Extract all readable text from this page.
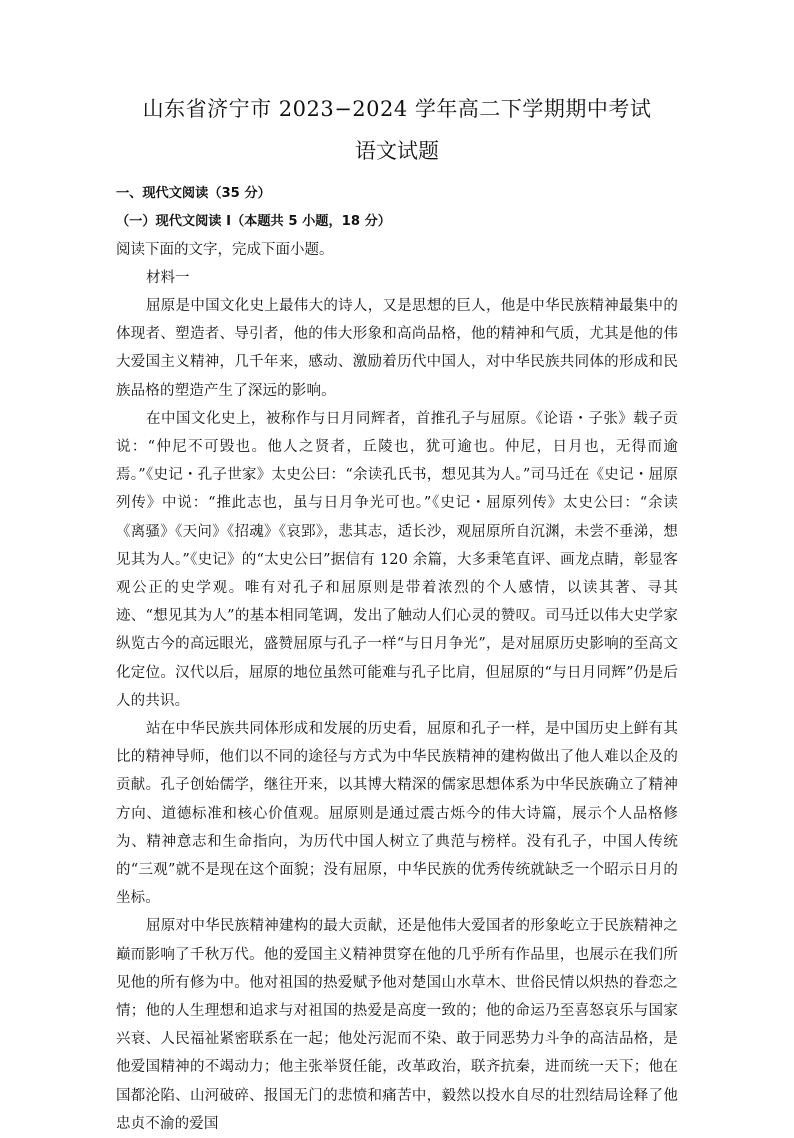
山东省济宁市 2023−2024 学年高二下学期期中考试
语文试题

一、现代文阅读（35 分）

（一）现代文阅读 I（本题共 5 小题，18 分）

阅读下面的文字，完成下面小题。

材料一

屈原是中国文化史上最伟大的诗人，又是思想的巨人，他是中华民族精神最集中的体现者、塑造者、导引者，他的伟大形象和高尚品格，他的精神和气质，尤其是他的伟大爱国主义精神，几千年来，感动、激励着历代中国人，对中华民族共同体的形成和民族品格的塑造产生了深远的影响。

在中国文化史上，被称作与日月同辉者，首推孔子与屈原。《论语・子张》载子贡说：“仲尼不可毁也。他人之贤者，丘陵也，犹可逾也。仲尼，日月也，无得而逾焉。”《史记・孔子世家》太史公曰：“余读孔氏书，想见其为人。”司马迁在《史记・屈原列传》中说：“推此志也，虽与日月争光可也。”《史记・屈原列传》太史公曰：“余读《离骚》《天问》《招魂》《哀郢》，悲其志，适长沙，观屈原所自沉渊，未尝不垂涕，想见其为人。”《史记》的“太史公曰”据信有 120 余篇，大多秉笔直评、画龙点睛，彰显客观公正的史学观。唯有对孔子和屈原则是带着浓烈的个人感情，以读其著、寻其迹、“想见其为人”的基本相同笔调，发出了触动人们心灵的赞叹。司马迁以伟大史学家纵览古今的高远眼光，盛赞屈原与孔子一样“与日月争光”，是对屈原历史影响的至高文化定位。汉代以后，屈原的地位虽然可能难与孔子比肩，但屈原的“与日月同辉”仍是后人的共识。

站在中华民族共同体形成和发展的历史看，屈原和孔子一样，是中国历史上鲜有其比的精神导师，他们以不同的途径与方式为中华民族精神的建构做出了他人难以企及的贡献。孔子创始儒学，继往开来，以其博大精深的儒家思想体系为中华民族确立了精神方向、道德标准和核心价值观。屈原则是通过震古烁今的伟大诗篇，展示个人品格修为、精神意志和生命指向，为历代中国人树立了典范与榜样。没有孔子，中国人传统的“三观”就不是现在这个面貌；没有屈原，中华民族的优秀传统就缺乏一个昭示日月的坐标。

屈原对中华民族精神建构的最大贡献，还是他伟大爱国者的形象屹立于民族精神之巅而影响了千秋万代。他的爱国主义精神贯穿在他的几乎所有作品里，也展示在我们所见他的所有修为中。他对祖国的热爱赋予他对楚国山水草木、世俗民情以炽热的眷恋之情；他的人生理想和追求与对祖国的热爱是高度一致的；他的命运乃至喜怒哀乐与国家兴衰、人民福祉紧密联系在一起；他处污泥而不染、敢于同恶势力斗争的高洁品格，是他爱国精神的不竭动力；他主张举贤任能，改革政治，联齐抗秦，进而统一天下；他在国都沦陷、山河破碎、报国无门的悲愤和痛苦中，毅然以投水自尽的壮烈结局诠释了他忠贞不渝的爱国
